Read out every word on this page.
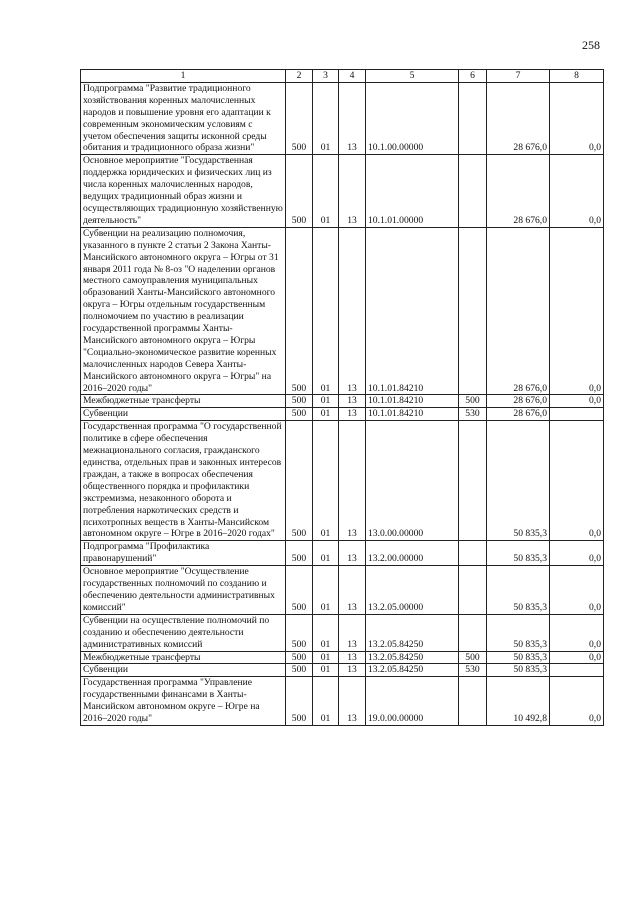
258
1	2	3	4	5	6	7	8
Подпрограмма "Развитие традиционного хозяйствования коренных малочисленных народов и повышение уровня его адаптации к современным экономическим условиям с учетом обеспечения защиты исконной среды обитания и традиционного образа жизни"	500	01	13	10.1.00.00000		28 676,0	0,0
Основное мероприятие "Государственная поддержка юридических и физических лиц из числа коренных малочисленных народов, ведущих традиционный образ жизни и осуществляющих традиционную хозяйственную деятельность"	500	01	13	10.1.01.00000		28 676,0	0,0
Субвенции на реализацию полномочия, указанного в пункте 2 статьи 2 Закона Ханты-Мансийского автономного округа – Югры от 31 января 2011 года № 8-оз "О наделении органов местного самоуправления муниципальных образований Ханты-Мансийского автономного округа – Югры отдельным государственным полномочием по участию в реализации государственной программы Ханты-Мансийского автономного округа – Югры "Социально-экономическое развитие коренных малочисленных народов Севера Ханты-Мансийского автономного округа – Югры" на 2016–2020 годы"	500	01	13	10.1.01.84210		28 676,0	0,0
Межбюджетные трансферты	500	01	13	10.1.01.84210	500	28 676,0	0,0
Субвенции	500	01	13	10.1.01.84210	530	28 676,0	
Государственная программа "О государственной политике в сфере обеспечения межнационального согласия, гражданского единства, отдельных прав и законных интересов граждан, а также в вопросах обеспечения общественного порядка и профилактики экстремизма, незаконного оборота и потребления наркотических средств и психотропных веществ в Ханты-Мансийском автономном округе – Югре в 2016–2020 годах"	500	01	13	13.0.00.00000		50 835,3	0,0
Подпрограмма "Профилактика правонарушений"	500	01	13	13.2.00.00000		50 835,3	0,0
Основное мероприятие "Осуществление государственных полномочий по созданию и обеспечению деятельности административных комиссий"	500	01	13	13.2.05.00000		50 835,3	0,0
Субвенции на осуществление полномочий по созданию и обеспечению деятельности административных комиссий	500	01	13	13.2.05.84250		50 835,3	0,0
Межбюджетные трансферты	500	01	13	13.2.05.84250	500	50 835,3	0,0
Субвенции	500	01	13	13.2.05.84250	530	50 835,3	
Государственная программа "Управление государственными финансами в Ханты-Мансийском автономном округе – Югре на 2016–2020 годы"	500	01	13	19.0.00.00000		10 492,8	0,0
